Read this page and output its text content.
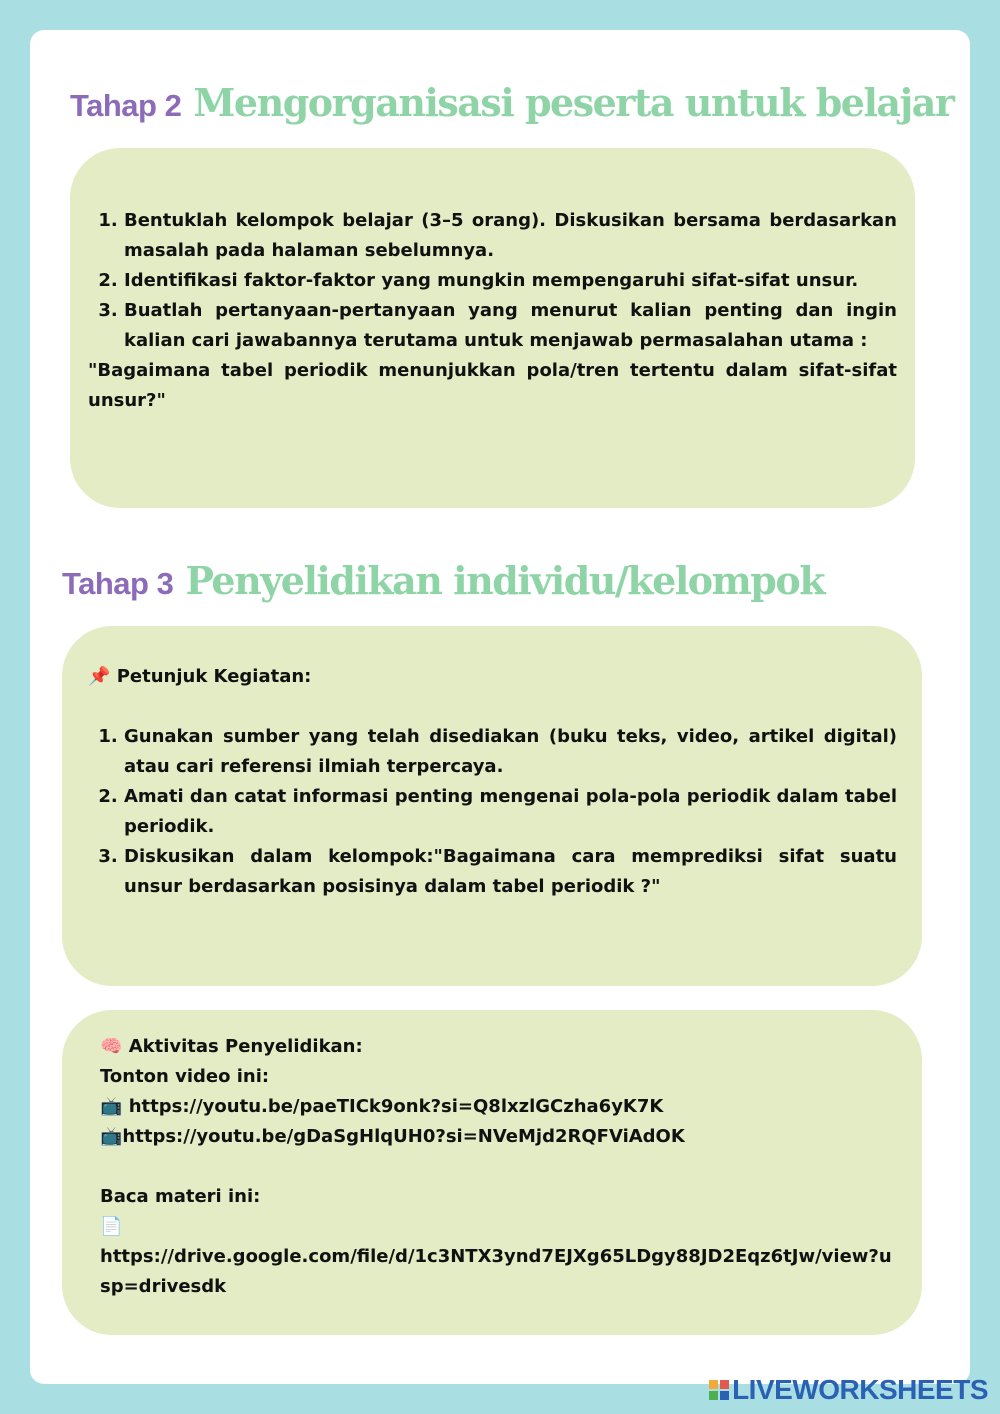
Tahap 2 Mengorganisasi peserta untuk belajar
1. Bentuklah kelompok belajar (3–5 orang). Diskusikan bersama berdasarkan masalah pada halaman sebelumnya.
2. Identifikasi faktor-faktor yang mungkin mempengaruhi sifat-sifat unsur.
3. Buatlah pertanyaan-pertanyaan yang menurut kalian penting dan ingin kalian cari jawabannya terutama untuk menjawab permasalahan utama :
"Bagaimana tabel periodik menunjukkan pola/tren tertentu dalam sifat-sifat unsur?"
Tahap 3 Penyelidikan individu/kelompok
📌 Petunjuk Kegiatan:
1. Gunakan sumber yang telah disediakan (buku teks, video, artikel digital) atau cari referensi ilmiah terpercaya.
2. Amati dan catat informasi penting mengenai pola-pola periodik dalam tabel periodik.
3. Diskusikan dalam kelompok:"Bagaimana cara memprediksi sifat suatu unsur berdasarkan posisinya dalam tabel periodik ?"
🧠 Aktivitas Penyelidikan:
Tonton video ini:
📺 https://youtu.be/paeTICk9onk?si=Q8lxzlGCzha6yK7K
📺https://youtu.be/gDaSgHlqUH0?si=NVeMjd2RQFViAdOK
Baca materi ini:
📄
https://drive.google.com/file/d/1c3NTX3ynd7EJXg65LDgy88JD2Eqz6tJw/view?usp=drivesdk
LIVEWORKSHEETS
